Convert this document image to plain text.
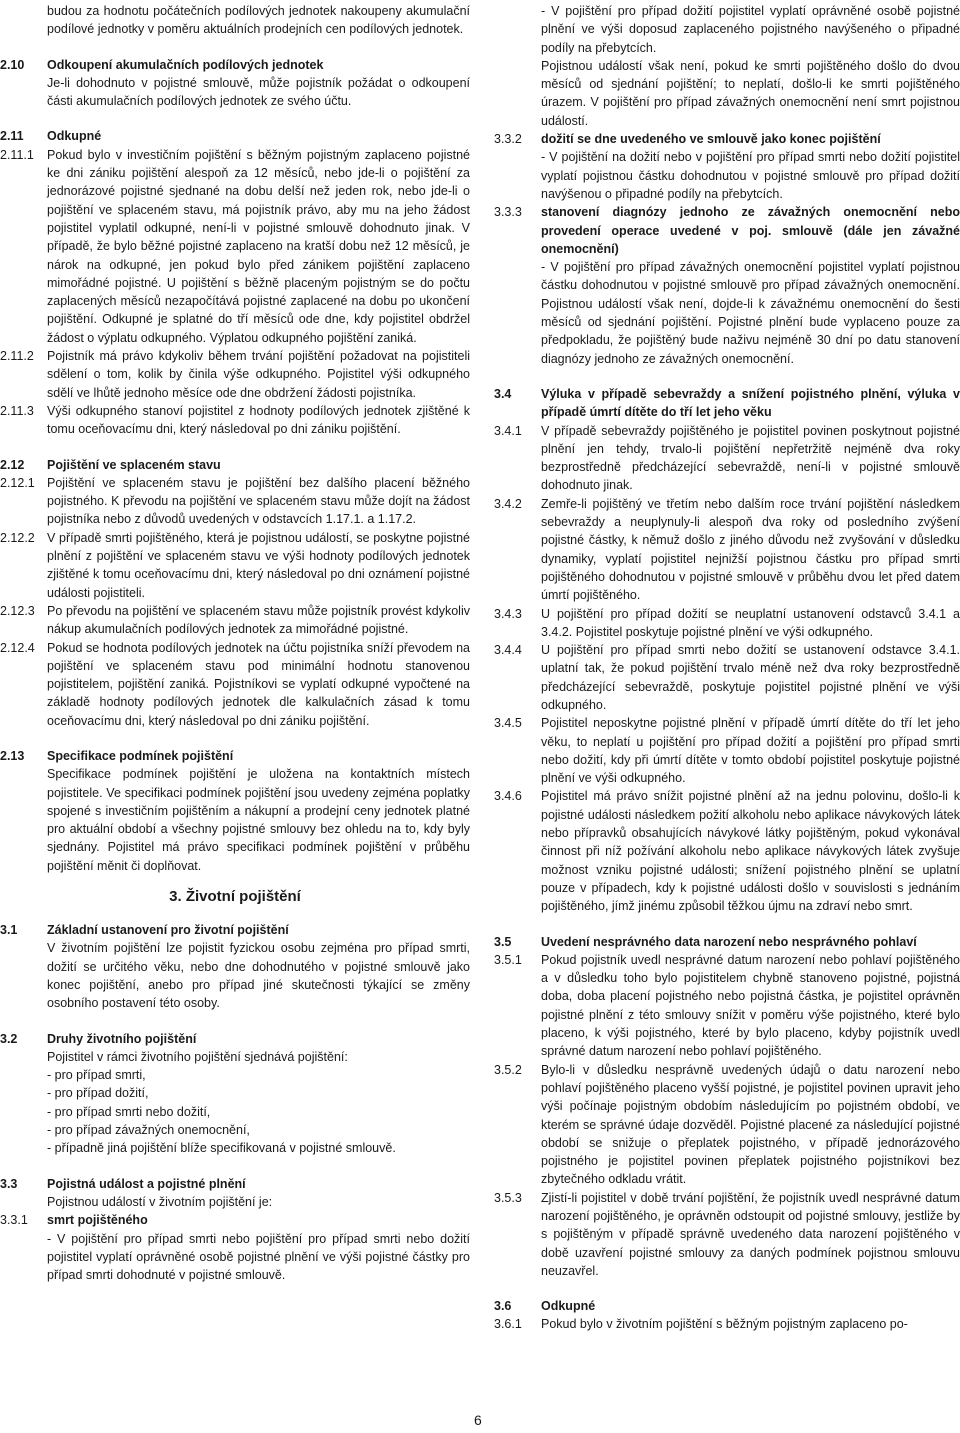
budou za hodnotu počátečních podílových jednotek nakoupeny akumulační podílové jednotky v poměru aktuálních prodejních cen podílových jednotek.
2.10	Odkoupení akumulačních podílových jednotek
Je-li dohodnuto v pojistné smlouvě, může pojistník požádat o odkoupení části akumulačních podílových jednotek ze svého účtu.
2.11	Odkupné
2.11.1	Pokud bylo v investičním pojištění s běžným pojistným zaplaceno pojistné ke dni zániku pojištění alespoň za 12 měsíců, nebo jde-li o pojištění za jednorázové pojistné sjednané na dobu delší než jeden rok, nebo jde-li o pojištění ve splaceném stavu, má pojistník právo, aby mu na jeho žádost pojistitel vyplatil odkupné, není-li v pojistné smlouvě dohodnuto jinak. V případě, že bylo běžné pojistné zaplaceno na kratší dobu než 12 měsíců, je nárok na odkupné, jen pokud bylo před zánikem pojištění zaplaceno mimořádné pojistné. U pojištění s běžně placeným pojistným se do počtu zaplacených měsíců nezapočítává pojistné zaplacené na dobu po ukončení pojištění. Odkupné je splatné do tří měsíců ode dne, kdy pojistitel obdržel žádost o výplatu odkupného. Výplatou odkupného pojištění zaniká.
2.11.2	Pojistník má právo kdykoliv během trvání pojištění požadovat na pojistiteli sdělení o tom, kolik by činila výše odkupného. Pojistitel výši odkupného sdělí ve lhůtě jednoho měsíce ode dne obdržení žádosti pojistníka.
2.11.3	Výši odkupného stanoví pojistitel z hodnoty podílových jednotek zjištěné k tomu oceňovacímu dni, který následoval po dni zániku pojištění.
2.12	Pojištění ve splaceném stavu
2.12.1 Pojištění ve splaceném stavu je pojištění bez dalšího placení běžného pojistného. K převodu na pojištění ve splaceném stavu může dojít na žádost pojistníka nebo z důvodů uvedených v odstavcích 1.17.1. a 1.17.2.
2.12.2 V případě smrti pojištěného, která je pojistnou událostí, se poskytne pojistné plnění z pojištění ve splaceném stavu ve výši hodnoty podílových jednotek zjištěné k tomu oceňovacímu dni, který následoval po dni oznámení pojistné události pojistiteli.
2.12.3 Po převodu na pojištění ve splaceném stavu může pojistník provést kdykoliv nákup akumulačních podílových jednotek za mimořádné pojistné.
2.12.4 Pokud se hodnota podílových jednotek na účtu pojistníka sníží převodem na pojištění ve splaceném stavu pod minimální hodnotu stanovenou pojistitelem, pojištění zaniká. Pojistníkovi se vyplatí odkupné vypočtené na základě hodnoty podílových jednotek dle kalkulačních zásad k tomu oceňovacímu dni, který následoval po dni zániku pojištění.
2.13	Specifikace podmínek pojištění
Specifikace podmínek pojištění je uložena na kontaktních místech pojistitele. Ve specifikaci podmínek pojištění jsou uvedeny zejména poplatky spojené s investičním pojištěním a nákupní a prodejní ceny jednotek platné pro aktuální období a všechny pojistné smlouvy bez ohledu na to, kdy byly sjednány. Pojistitel má právo specifikaci podmínek pojištění v průběhu pojištění měnit či doplňovat.
3. Životní pojištění
3.1	Základní ustanovení pro životní pojištění
V životním pojištění lze pojistit fyzickou osobu zejména pro případ smrti, dožití se určitého věku, nebo dne dohodnutého v pojistné smlouvě jako konec pojištění, anebo pro případ jiné skutečnosti týkající se změny osobního postavení této osoby.
3.2	Druhy životního pojištění

Pojistitel v rámci životního pojištění sjednává pojištění:

- pro případ smrti,

- pro případ dožití,

- pro případ smrti nebo dožití,

- pro případ závažných onemocnění,

- případně jiná pojištění blíže specifikovaná v pojistné smlouvě.

3.3	Pojistná událost a pojistné plnění
Pojistnou událostí v životním pojištění je:
3.3.1	smrt pojištěného
- V pojištění pro případ smrti nebo pojištění pro případ smrti nebo dožití pojistitel vyplatí oprávněné osobě pojistné plnění ve výši pojistné částky pro případ smrti dohodnuté v pojistné smlouvě.
- V pojištění pro případ dožití pojistitel vyplatí oprávněné osobě pojistné plnění ve výši doposud zaplaceného pojistného navýšeného o připadné podíly na přebytcích.
Pojistnou událostí však není, pokud ke smrti pojištěného došlo do dvou měsíců od sjednání pojištění; to neplatí, došlo-li ke smrti pojištěného úrazem. V pojištění pro případ závažných onemocnění není smrt pojistnou událostí.
3.3.2	dožití se dne uvedeného ve smlouvě jako konec pojištění
- V pojištění na dožití nebo v pojištění pro případ smrti nebo dožití pojistitel vyplatí pojistnou částku dohodnutou v pojistné smlouvě pro případ dožití navýšenou o připadné podíly na přebytcích.
3.3.3	stanovení diagnózy jednoho ze závažných onemocnění nebo provedení operace uvedené v poj. smlouvě (dále jen závažné onemocnění)
- V pojištění pro případ závažných onemocnění pojistitel vyplatí pojistnou částku dohodnutou v pojistné smlouvě pro případ závažných onemocnění. Pojistnou událostí však není, dojde-li k závažnému onemocnění do šesti měsíců od sjednání pojištění. Pojistné plnění bude vyplaceno pouze za předpokladu, že pojištěný bude naživu nejméně 30 dní po datu stanovení diagnózy jednoho ze závažných onemocnění.
3.4	Výluka v případě sebevraždy a snížení pojistného plnění, výluka v případě úmrtí dítěte do tří let jeho věku
3.4.1	V případě sebevraždy pojištěného je pojistitel povinen poskytnout pojistné plnění jen tehdy, trvalo-li pojištění nepřetržitě nejméně dva roky bezprostředně předcházející sebevraždě, není-li v pojistné smlouvě dohodnuto jinak.
3.4.2	Zemře-li pojištěný ve třetím nebo dalším roce trvání pojištění následkem sebevraždy a neuplynuly-li alespoň dva roky od posledního zvýšení pojistné částky, k němuž došlo z jiného důvodu než zvyšování v důsledku dynamiky, vyplatí pojistitel nejnižší pojistnou částku pro případ smrti pojištěného dohodnutou v pojistné smlouvě v průběhu dvou let před datem úmrtí pojištěného.
3.4.3	U pojištění pro případ dožití se neuplatní ustanovení odstavců 3.4.1 a 3.4.2. Pojistitel poskytuje pojistné plnění ve výši odkupného.
3.4.4	U pojištění pro případ smrti nebo dožití se ustanovení odstavce 3.4.1. uplatní tak, že pokud pojištění trvalo méně než dva roky bezprostředně předcházející sebevraždě, poskytuje pojistitel pojistné plnění ve výši odkupného.
3.4.5	Pojistitel neposkytne pojistné plnění v případě úmrtí dítěte do tří let jeho věku, to neplatí u pojištění pro případ dožití a pojištění pro případ smrti nebo dožití, kdy při úmrtí dítěte v tomto období pojistitel poskytuje pojistné plnění ve výši odkupného.
3.4.6	Pojistitel má právo snížit pojistné plnění až na jednu polovinu, došlo-li k pojistné události následkem požití alkoholu nebo aplikace návykových látek nebo přípravků obsahujících návykové látky pojištěným, pokud vykonával činnost při níž požívání alkoholu nebo aplikace návykových látek zvyšuje možnost vzniku pojistné události; snížení pojistného plnění se uplatní pouze v případech, kdy k pojistné události došlo v souvislosti s jednáním pojištěného, jímž jinému způsobil těžkou újmu na zdraví nebo smrt.
3.5	Uvedení nesprávného data narození nebo nesprávného pohlaví
3.5.1	Pokud pojistník uvedl nesprávné datum narození nebo pohlaví pojištěného a v důsledku toho bylo pojistitelem chybně stanoveno pojistné, pojistná doba, doba placení pojistného nebo pojistná částka, je pojistitel oprávněn pojistné plnění z této smlouvy snížit v poměru výše pojistného, které bylo placeno, k výši pojistného, které by bylo placeno, kdyby pojistník uvedl správné datum narození nebo pohlaví pojištěného.
3.5.2	Bylo-li v důsledku nesprávně uvedených údajů o datu narození nebo pohlaví pojištěného placeno vyšší pojistné, je pojistitel povinen upravit jeho výši počínaje pojistným obdobím následujícím po pojistném období, ve kterém se správné údaje dozvěděl. Pojistné placené za následující pojistné období se snižuje o přeplatek pojistného, v případě jednorázového pojistného je pojistitel povinen přeplatek pojistného pojistníkovi bez zbytečného odkladu vrátit.
3.5.3	Zjistí-li pojistitel v době trvání pojištění, že pojistník uvedl nesprávné datum narození pojištěného, je oprávněn odstoupit od pojistné smlouvy, jestliže by s pojištěným v případě správně uvedeného data narození pojištěného v době uzavření pojistné smlouvy za daných podmínek pojistnou smlouvu neuzavřel.
3.6	Odkupné
3.6.1	Pokud bylo v životním pojištění s běžným pojistným zaplaceno po-
6
